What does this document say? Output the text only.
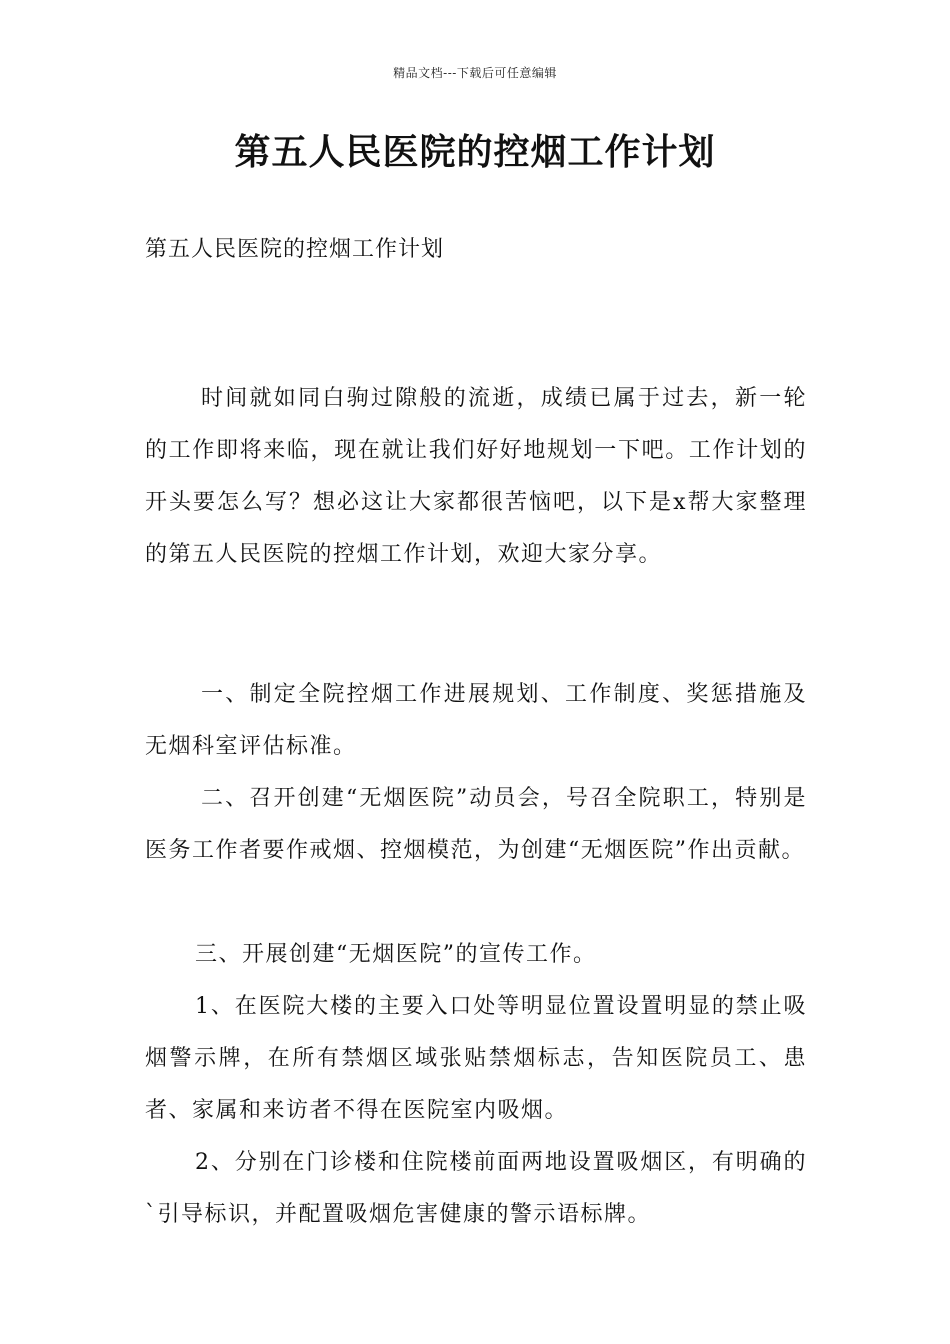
精品文档---下载后可任意编辑
第五人民医院的控烟工作计划
第五人民医院的控烟工作计划

时间就如同白驹过隙般的流逝，成绩已属于过去，新一轮的工作即将来临，现在就让我们好好地规划一下吧。工作计划的开头要怎么写？想必这让大家都很苦恼吧，以下是x帮大家整理的第五人民医院的控烟工作计划，欢迎大家分享。

一、制定全院控烟工作进展规划、工作制度、奖惩措施及无烟科室评估标准。

二、召开创建“无烟医院”动员会，号召全院职工，特别是医务工作者要作戒烟、控烟模范，为创建“无烟医院”作出贡献。

三、开展创建“无烟医院”的宣传工作。

1、在医院大楼的主要入口处等明显位置设置明显的禁止吸烟警示牌，在所有禁烟区域张贴禁烟标志，告知医院员工、患者、家属和来访者不得在医院室内吸烟。

2、分别在门诊楼和住院楼前面两地设置吸烟区，有明确的`引导标识，并配置吸烟危害健康的警示语标牌。
